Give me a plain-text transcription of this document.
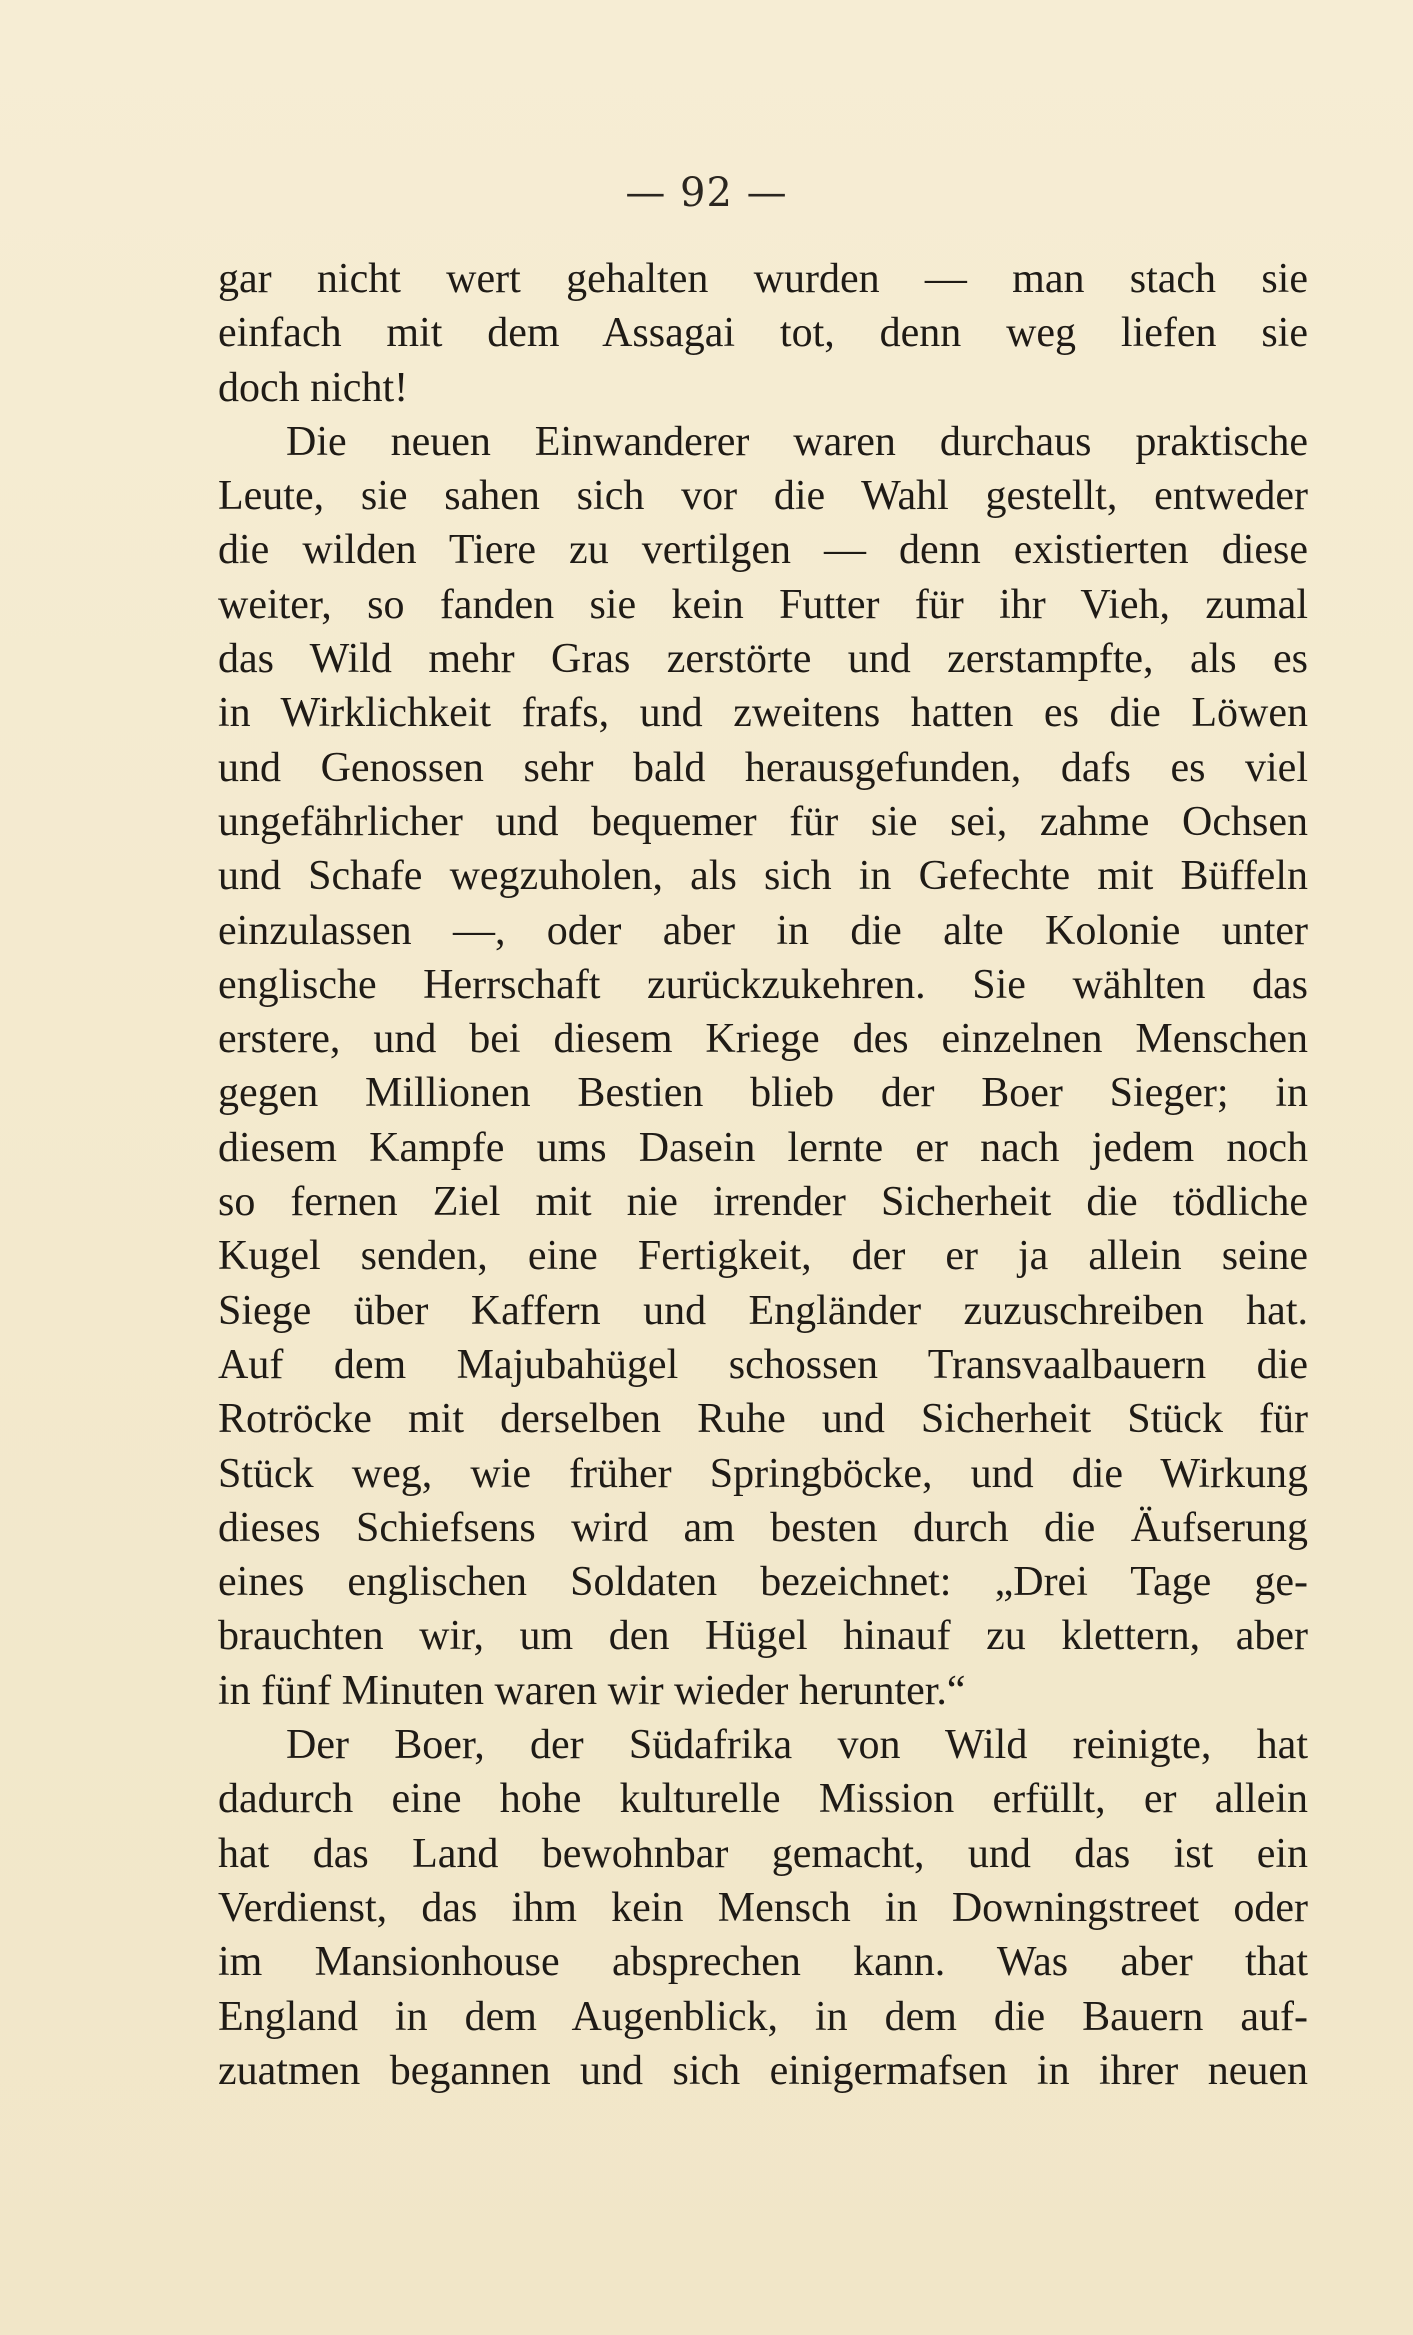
— 92 —
gar nicht wert gehalten wurden — man stach sie
einfach mit dem Assagai tot, denn weg liefen sie
doch nicht!
Die neuen Einwanderer waren durchaus praktische
Leute, sie sahen sich vor die Wahl gestellt, entweder
die wilden Tiere zu vertilgen — denn existierten diese
weiter, so fanden sie kein Futter für ihr Vieh, zumal
das Wild mehr Gras zerstörte und zerstampfte, als es
in Wirklichkeit frafs, und zweitens hatten es die Löwen
und Genossen sehr bald herausgefunden, dafs es viel
ungefährlicher und bequemer für sie sei, zahme Ochsen
und Schafe wegzuholen, als sich in Gefechte mit Büffeln
einzulassen —, oder aber in die alte Kolonie unter
englische Herrschaft zurückzukehren. Sie wählten das
erstere, und bei diesem Kriege des einzelnen Menschen
gegen Millionen Bestien blieb der Boer Sieger; in
diesem Kampfe ums Dasein lernte er nach jedem noch
so fernen Ziel mit nie irrender Sicherheit die tödliche
Kugel senden, eine Fertigkeit, der er ja allein seine
Siege über Kaffern und Engländer zuzuschreiben hat.
Auf dem Majubahügel schossen Transvaalbauern die
Rotröcke mit derselben Ruhe und Sicherheit Stück für
Stück weg, wie früher Springböcke, und die Wirkung
dieses Schiefsens wird am besten durch die Äufserung
eines englischen Soldaten bezeichnet: „Drei Tage ge-
brauchten wir, um den Hügel hinauf zu klettern, aber
in fünf Minuten waren wir wieder herunter.“
Der Boer, der Südafrika von Wild reinigte, hat
dadurch eine hohe kulturelle Mission erfüllt, er allein
hat das Land bewohnbar gemacht, und das ist ein
Verdienst, das ihm kein Mensch in Downingstreet oder
im Mansionhouse absprechen kann. Was aber that
England in dem Augenblick, in dem die Bauern auf-
zuatmen begannen und sich einigermafsen in ihrer neuen
